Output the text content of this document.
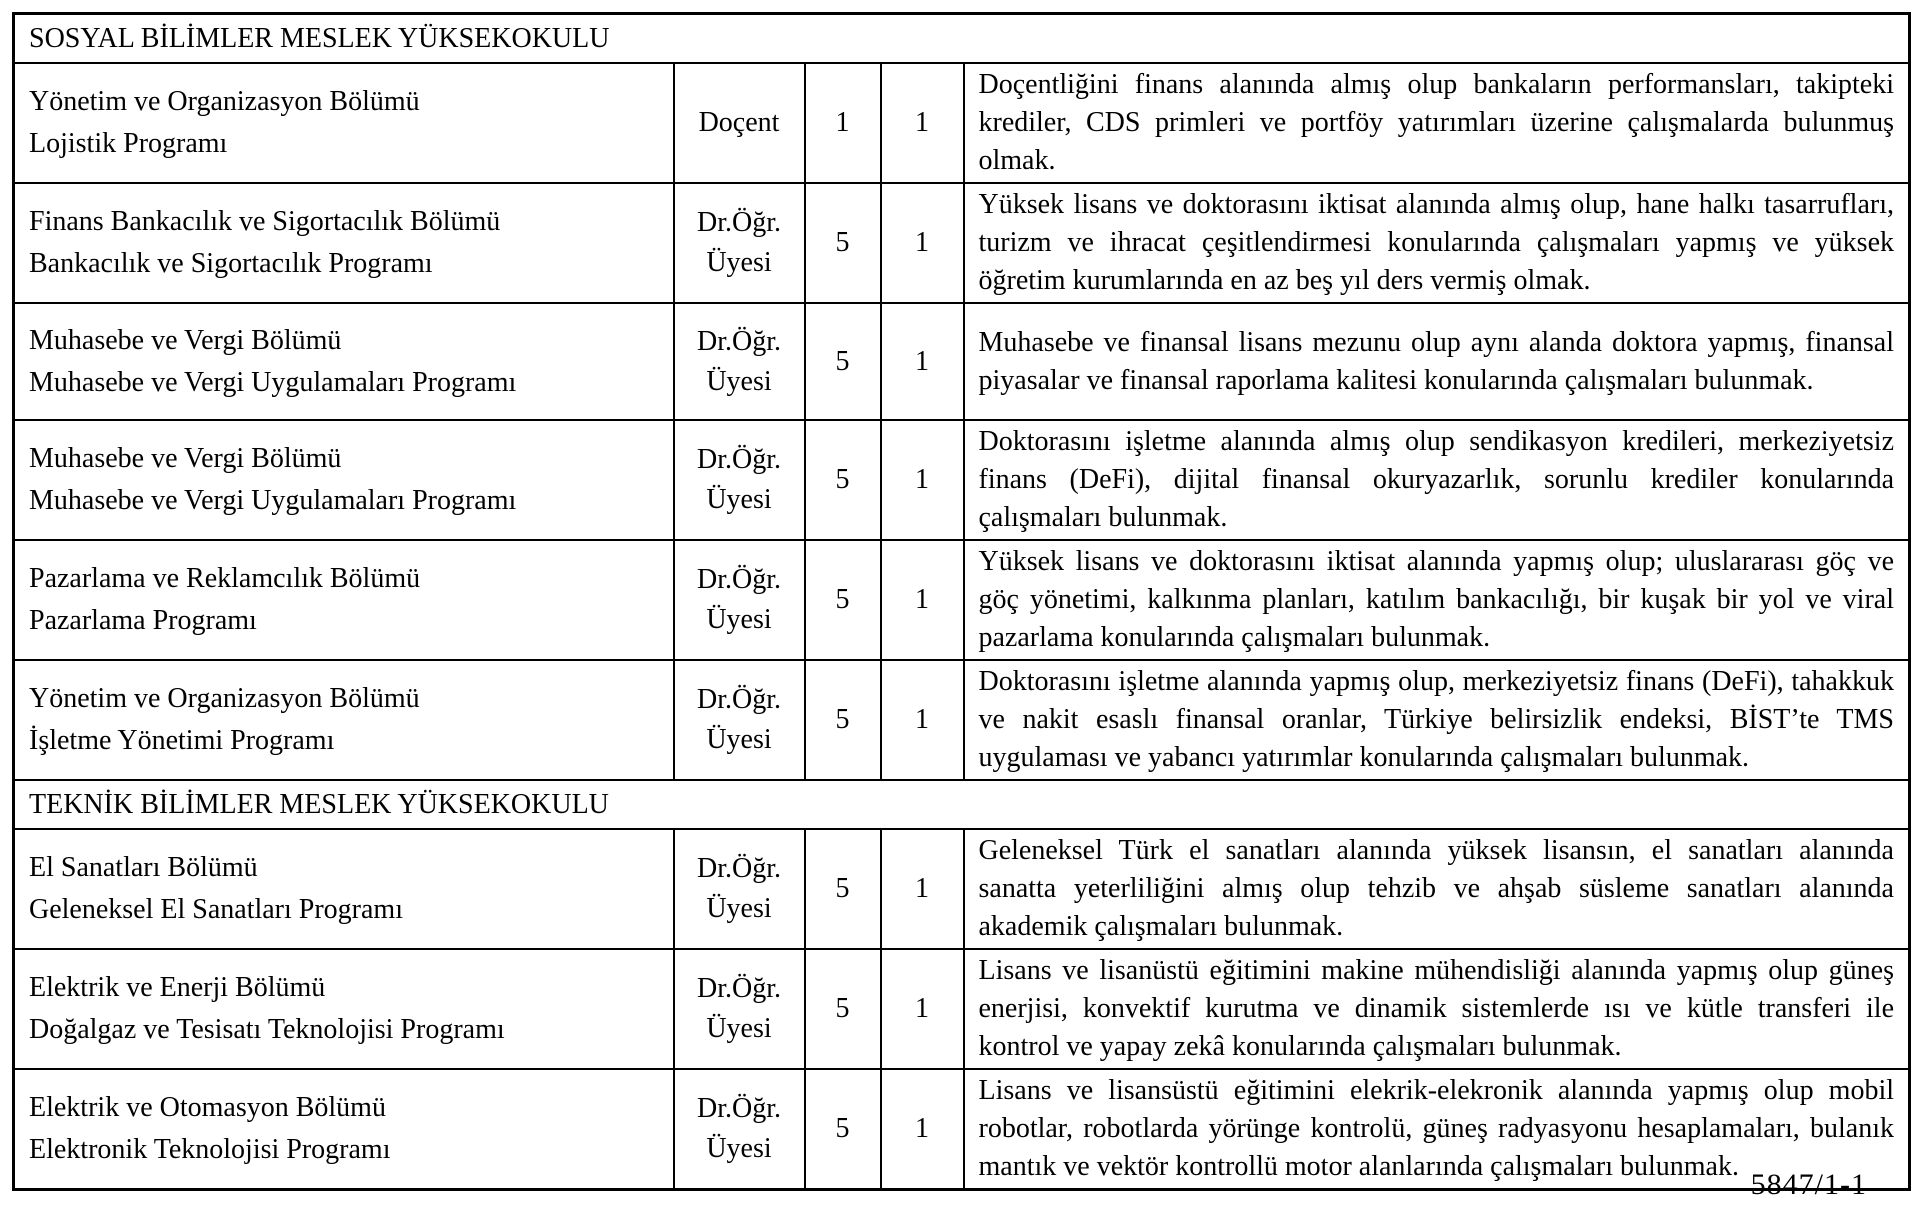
SOSYAL BİLİMLER MESLEK YÜKSEKOKULU				

Yönetim ve Organizasyon Bölümü
Lojistik Programı	Doçent	1	1	Doçentliğini finans alanında almış olup bankaların performansları, takipteki krediler, CDS primleri ve portföy yatırımları üzerine çalışmalarda bulunmuş olmak.

Finans Bankacılık ve Sigortacılık Bölümü
Bankacılık ve Sigortacılık Programı	Dr.Öğr. Üyesi	5	1	Yüksek lisans ve doktorasını iktisat alanında almış olup, hane halkı tasarrufları, turizm ve ihracat çeşitlendirmesi konularında çalışmaları yapmış ve yüksek öğretim kurumlarında en az beş yıl ders vermiş olmak.

Muhasebe ve Vergi Bölümü
Muhasebe ve Vergi Uygulamaları Programı	Dr.Öğr. Üyesi	5	1	Muhasebe ve finansal lisans mezunu olup aynı alanda doktora yapmış, finansal piyasalar ve finansal raporlama kalitesi konularında çalışmaları bulunmak.

Muhasebe ve Vergi Bölümü
Muhasebe ve Vergi Uygulamaları Programı	Dr.Öğr. Üyesi	5	1	Doktorasını işletme alanında almış olup sendikasyon kredileri, merkeziyetsiz finans (DeFi), dijital finansal okuryazarlık, sorunlu krediler konularında çalışmaları bulunmak.

Pazarlama ve Reklamcılık Bölümü
Pazarlama Programı	Dr.Öğr. Üyesi	5	1	Yüksek lisans ve doktorasını iktisat alanında yapmış olup; uluslararası göç ve göç yönetimi, kalkınma planları, katılım bankacılığı, bir kuşak bir yol ve viral pazarlama konularında çalışmaları bulunmak.

Yönetim ve Organizasyon Bölümü
İşletme Yönetimi Programı	Dr.Öğr. Üyesi	5	1	Doktorasını işletme alanında yapmış olup, merkeziyetsiz finans (DeFi), tahakkuk ve nakit esaslı finansal oranlar, Türkiye belirsizlik endeksi, BİST’te TMS uygulaması ve yabancı yatırımlar konularında çalışmaları bulunmak.
TEKNİK BİLİMLER MESLEK YÜKSEKOKULU				

El Sanatları Bölümü
Geleneksel El Sanatları Programı	Dr.Öğr. Üyesi	5	1	Geleneksel Türk el sanatları alanında yüksek lisansın, el sanatları alanında sanatta yeterliliğini almış olup tehzib ve ahşab süsleme sanatları alanında akademik çalışmaları bulunmak.

Elektrik ve Enerji Bölümü
Doğalgaz ve Tesisatı Teknolojisi Programı	Dr.Öğr. Üyesi	5	1	Lisans ve lisanüstü eğitimini makine mühendisliği alanında yapmış olup güneş enerjisi, konvektif kurutma ve dinamik sistemlerde ısı ve kütle transferi ile kontrol ve yapay zekâ konularında çalışmaları bulunmak.

Elektrik ve Otomasyon Bölümü
Elektronik Teknolojisi Programı	Dr.Öğr. Üyesi	5	1	Lisans ve lisansüstü eğitimini elekrik-elekronik alanında yapmış olup mobil robotlar, robotlarda yörünge kontrolü, güneş radyasyonu hesaplamaları, bulanık mantık ve vektör kontrollü motor alanlarında çalışmaları bulunmak.
5847/1-1
